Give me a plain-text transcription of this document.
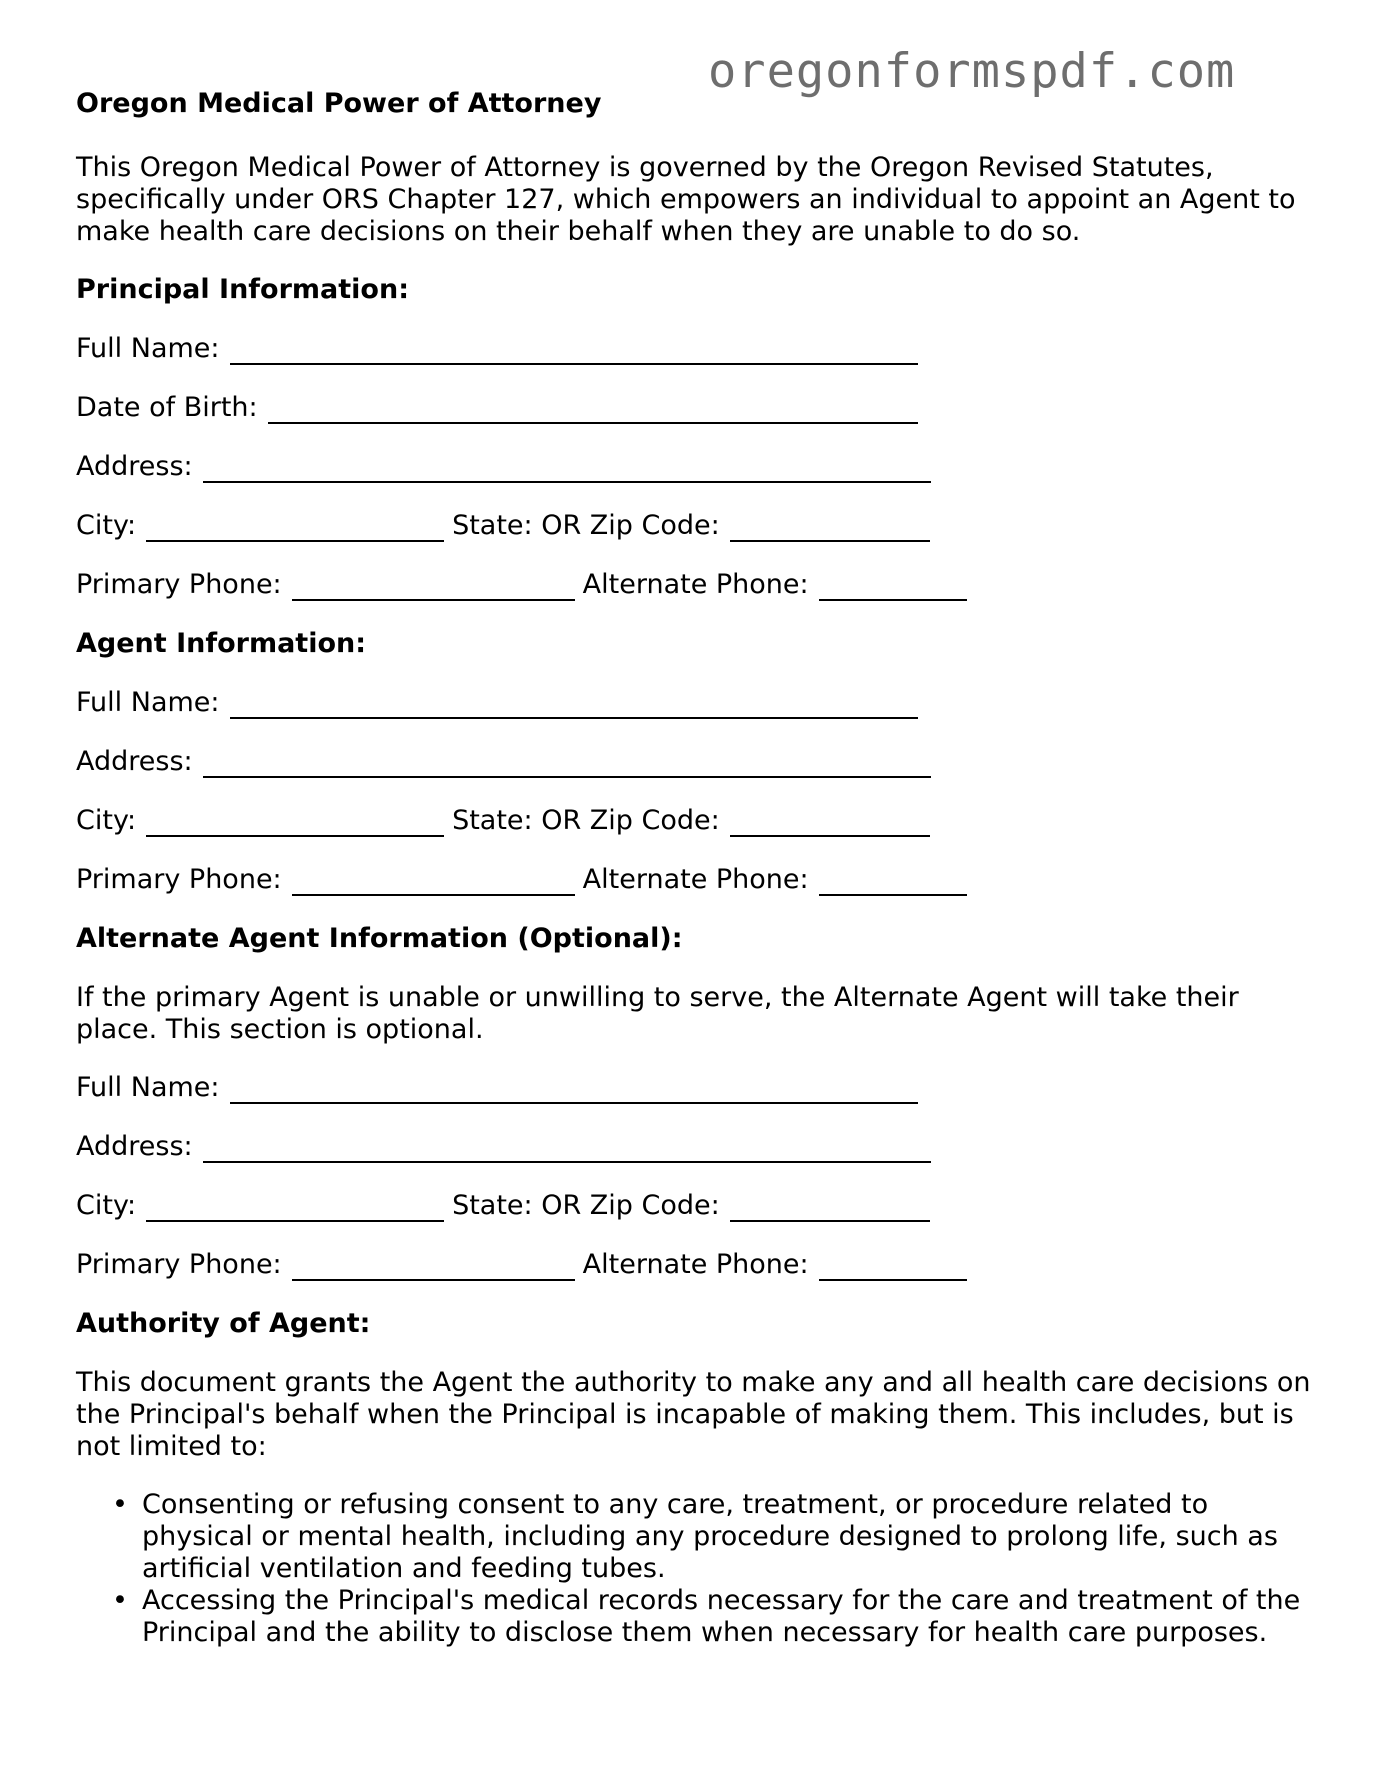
oregonformspdf.com
Oregon Medical Power of Attorney

This Oregon Medical Power of Attorney is governed by the Oregon Revised Statutes, specifically under ORS Chapter 127, which empowers an individual to appoint an Agent to make health care decisions on their behalf when they are unable to do so.

Principal Information:
Full Name:
Date of Birth:
Address:
City:	State: OR Zip Code:
Primary Phone:	Alternate Phone:
Agent Information:
Full Name:
Address:
City:	State: OR Zip Code:
Primary Phone:	Alternate Phone:
Alternate Agent Information (Optional):

If the primary Agent is unable or unwilling to serve, the Alternate Agent will take their place. This section is optional.

Full Name:
Address:
City:	State: OR Zip Code:
Primary Phone:	Alternate Phone:
Authority of Agent:

This document grants the Agent the authority to make any and all health care decisions on the Principal's behalf when the Principal is incapable of making them. This includes, but is not limited to:

• Consenting or refusing consent to any care, treatment, or procedure related to physical or mental health, including any procedure designed to prolong life, such as artificial ventilation and feeding tubes.
• Accessing the Principal's medical records necessary for the care and treatment of the Principal and the ability to disclose them when necessary for health care purposes.
